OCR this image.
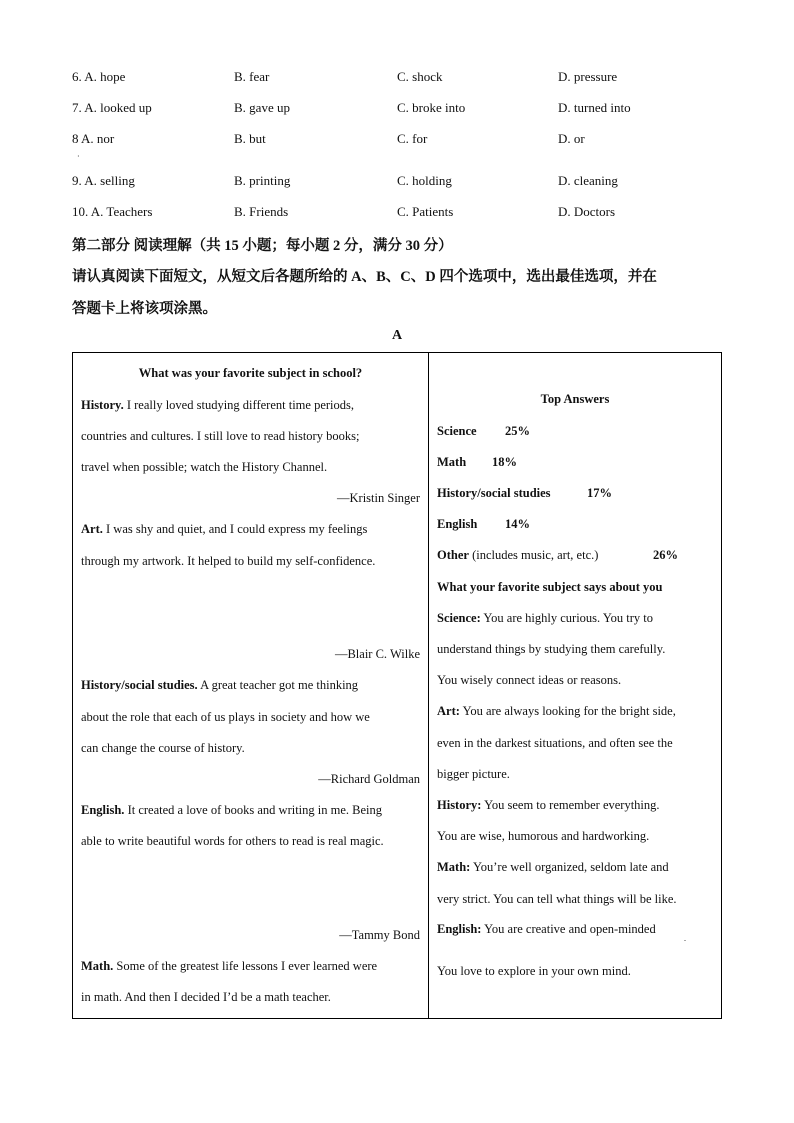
6. A. hope	B. fear	C. shock	D. pressure
7. A. looked up	B. gave up	C. broke into	D. turned into
8 A. nor	B. but	C. for	D. or
·
9. A. selling	B. printing	C. holding	D. cleaning
10. A. Teachers	B. Friends	C. Patients	D. Doctors
第二部分 阅读理解（共 15 小题；每小题 2 分，满分 30 分）
请认真阅读下面短文，从短文后各题所给的 A、B、C、D 四个选项中，选出最佳选项，并在
答题卡上将该项涂黑。
A
What was your favorite subject in school?
History. I really loved studying different time periods,
countries and cultures. I still love to read history books;
travel when possible; watch the History Channel.
—Kristin Singer
Art. I was shy and quiet, and I could express my feelings
through my artwork. It helped to build my self-confidence.
—Blair C. Wilke
History/social studies. A great teacher got me thinking
about the role that each of us plays in society and how we
can change the course of history.
—Richard Goldman
English. It created a love of books and writing in me. Being
able to write beautiful words for others to read is real magic.
—Tammy Bond
Math. Some of the greatest life lessons I ever learned were
in math. And then I decided I’d be a math teacher.
Top Answers
Science 25%
Math 18%
History/social studies	17%
English 14%
Other (includes music, art, etc.)	26%
What your favorite subject says about you
Science: You are highly curious. You try to
understand things by studying them carefully.
You wisely connect ideas or reasons.
Art: You are always looking for the bright side,
even in the darkest situations, and often see the
bigger picture.
History: You seem to remember everything.
You are wise, humorous and hardworking.
Math: You’re well organized, seldom late and
very strict. You can tell what things will be like.
English: You are creative and open-minded
.
You love to explore in your own mind.
